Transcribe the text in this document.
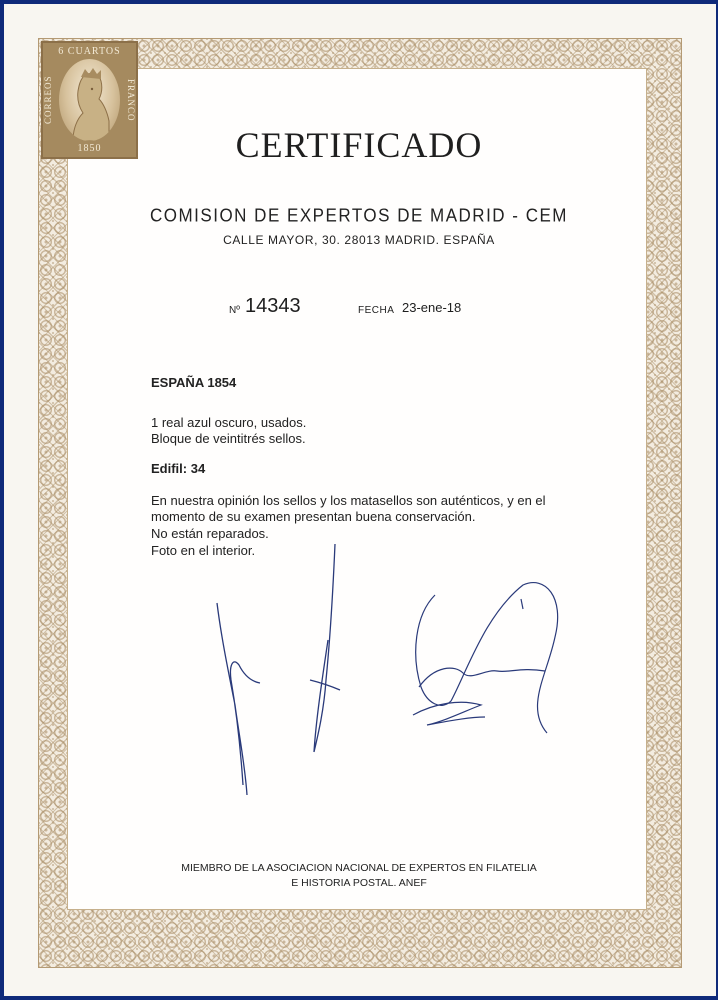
6 CUARTOS
CORREOS	FRANCO
1850	CERTIFICADO
COMISION DE EXPERTOS DE MADRID - CEM
CALLE MAYOR, 30. 28013 MADRID. ESPAÑA
Nº 14343	FECHA 23-ene-18
ESPAÑA 1854
1 real azul oscuro, usados.
Bloque de veintitrés sellos.
Edifil: 34
En nuestra opinión los sellos y los matasellos son auténticos, y en el
momento de su examen presentan buena conservación.
No están reparados.
Foto en el interior.
MIEMBRO DE LA ASOCIACION NACIONAL DE EXPERTOS EN FILATELIA
E HISTORIA POSTAL. ANEF
